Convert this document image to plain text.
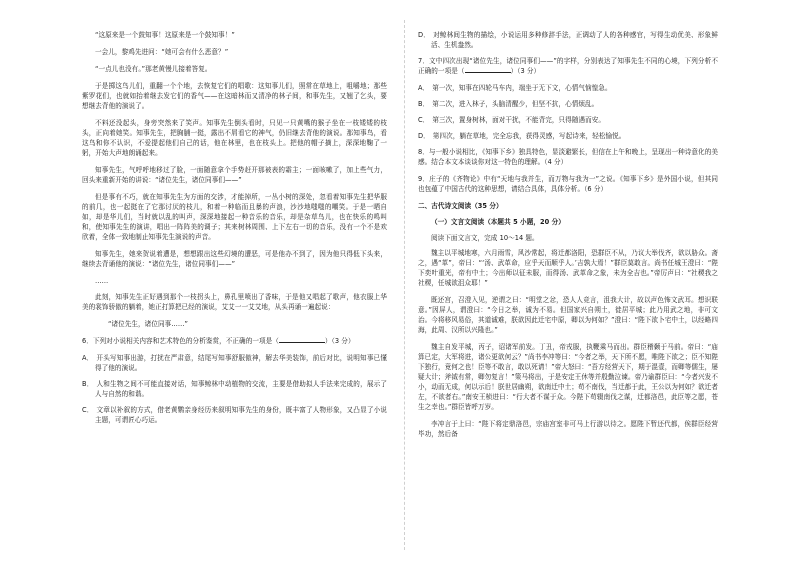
“这原来是一个鼓知事！这原来是一个鼓知事！”

一会儿，黎鸡先进问：“她可会有什么恶意？”

“一点儿也没有。”那老黄慢儿接着答复。

于是掷这鸟儿们，重翻一个个地，去恢复它们的唱歌：这知事儿们，照常在草地上，咀嚼地；那些紫罗花们，也就如抬着继去发它们的香气——在这暗林而又清净的林子间，和事先生，又翘了乞头，要想继去背他的演说了。

不料还没起头，身旁突然来了笑声。知事先生倒头看时，只见一只黄嘴的猴子坐在一枝矮矮的枝头，正向着她笑。知事先生，把胸脯一挺，露出不屑看它的神气，仍旧继去背他的演说。那知事鸟，看这鸟和你不认识，不爱提起他们自己的话，他在林里，也在枝头上。把他的帽子摘上，深深地鞠了一躬，开始大声地朗诵起来。

知事先生，气呼呼地移过了脸，一面随意拿个手势赶开那被表的霜主；一面咳嗽了，加上些气力，回头来重新开始的讲说：“诸位先生，诸位同事们——”

但是事有不巧，就在知事先生为方面的交涉，才能掉所，一丛小树的深处，忽看着知事先生把华服的前几，也一起挺在了它那讨厌的枝儿，和着一种临而且暴的声浪，沙沙地嗤嗤的嘲笑。于是一晒自如，却是华儿们，当时就以乱的叫声，深深地接起一种音乐的音乐，却是杂草鸟儿，也在快乐的鸣叫和，使知事先生的演讲，唱出一阵阵美的调子；其来树林周围、上下左右一切的音乐，没有一个不是欢欣着，全体一致地制止知事先生演说的声音。

知事先生，她来贺说着遭是，想想跟出这些幻境的遭恶，可是他办不到了，因为他只得低下头来，继续去背诵他的演说：“诸位先生，诸位同事们——”

……

此刻，知事先生正好遇到那个一枝拐头上，鼻孔里喷出了香味，于是他又唱起了歌声，他衣服上华美的裳饰骄傲的躺着，她正打算把已经的演说，艾艾一一艾艾地，从头再诵一遍起说：

“诸位先生，诸位同事……”

6．下列对小说相关内容和艺术特色的分析鉴赏，不正确的一项是（	）（3 分）

A． 开头写知事出游，打扰在严肃意，结尾写知事舒服傲神，解去华美装饰，前后对比，说明知事已懂得了他的演说。

B． 人和生物之间不可能直接对话，知事鲸林中动植物的交流，主要是借助拟人手法来完成的，展示了人与自然的和谐。

C． 文章以补叙的方式，借老黄鹦亲身经历来叙明知事先生的身份，既丰富了人物形象，又凸显了小说主题，可谓匠心巧运。

D． 对鲸林间生物的描绘，小说运用多种修辞手法，正调动了人的各种感官，写得生动优美、形象鲜活、生机盎然。

7．文中四次出现“诸位先生，诸位同事们——”的字样，分别表达了知事先生不同的心境，下列分析不正确的一项是（	）（3 分）

A． 第一次，知事在四轮马车内，端坐于无下文，心情气恼惶急。

B． 第二次，进入林子，头脑清醒少，但坚不抗，心情烦乱。

C． 第三次，置身树林，面对干扰，不能背完，只得随遇而安。

D． 第四次，躺在草地，完全忘我，获得灵感，写起诗来，轻松愉悦。

8．与一般小说相比，《知事下乡》独具特色，显淡避繁长，但信在上午和晚上，呈现出一种诗意化的美感。结合本文本谈谈你对这一特色的理解。（4 分）

9．庄子的《齐物论》中有“天地与我并生，而万物与我为一”之说。《知事下乡》是外国小说，但其同也包蕴了中国古代的这种思想，请结合具体，具体分析。（6 分）

二、古代诗文阅读（35 分）

（一）文言文阅读（本题共 5 小题，20 分）

阅读下面文言文，完成 10～14 题。

魏主以平城地寒，六月雨雪，风沙常起，将迁都洛阳，恐群臣不从，乃议大举伐齐，欲以胁众。斋之，遇“革”，帝曰：“‘汤、武革命，应乎天而顺乎人。’吉孰大焉！”群臣莫敢言。尚书任城王澄曰：“陛下奕叶重光，帝有中土；今出师以征未服，而得汤、武革命之象，未为全吉也。”帝厉声曰：“社稷我之社稷，任城欲沮众耶！”

既还宫，召澄入见，逆谓之曰：“明堂之忿，恐人人竞言，沮我大计，故以声色怖文武耳。想识联意。”因屏人，谓澄曰：“今日之举，诚为不易。但国家兴自朔土，徙居平城；此乃用武之地，非可文治。今将移风易俗，其道诚难，朕欲因此迁宅中原，卿以为何如？”澄曰：“陛下欲卜宅中土，以经略四海，此周、汉所以兴隆也。”

魏主自发平城，丙子，诏诸军前发。丁丑，帝戎服，执鞭乘马而出。群臣稽颡于马前。帝曰：“庙算已定，大军将进，诸公更欲何云？”尚书李冲等曰：“今者之举，天下所不愿，唯陛下欲之；臣不知陛下独行，竟何之也！臣等不敢言，敢以死请！”帝大怒曰：“吾方经营天下，期于混壹，而卿等儒生，屡疑大计；斧钺有常，卿勿复言！”策马将出，于是安定王休等并殷勤泣谏。帝乃谕群臣曰：“今者兴发不小，动而无成，何以示后！朕世居幽朔，欲南迁中土；苟不南伐，当迁都于此，王公以为何如？欲迁者左，不欲者右。”南安王桢进曰：“行大者不谋于众。今陛下苟辍南伐之谋，迁都洛邑，此臣等之愿，苍生之幸也。”群臣皆呼万岁。

李冲言于上曰：“陛下将定鼎洛邑，宗庙宫室非可马上行游以待之。愿陛下暂还代都，俟群臣经营毕功，然后备
